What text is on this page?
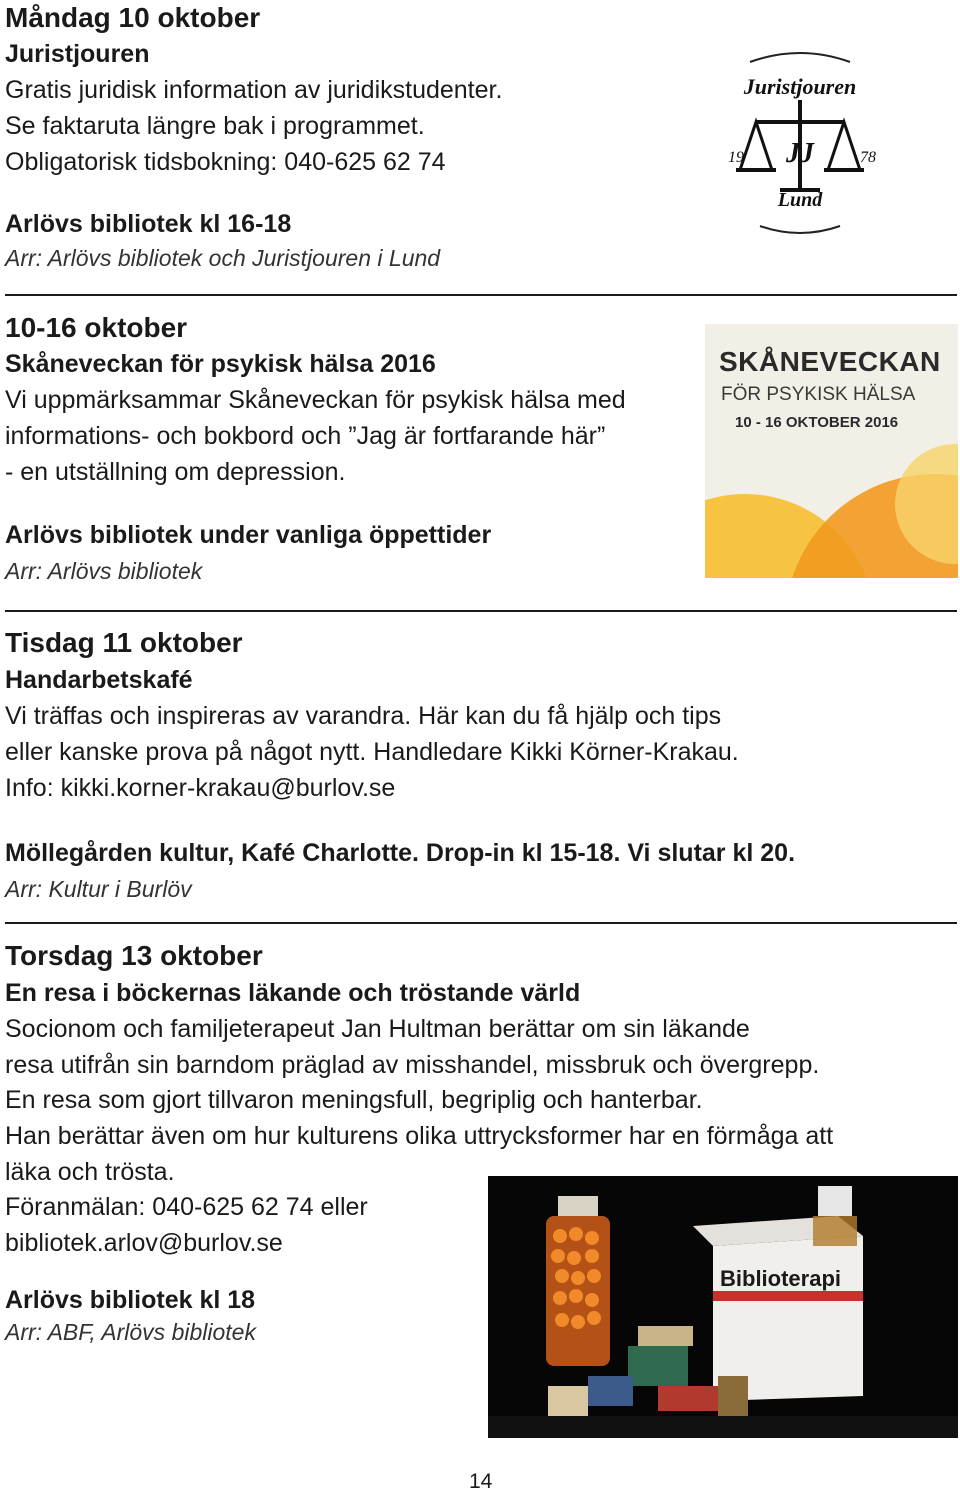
Måndag 10 oktober
Juristjouren
Gratis juridisk information av juridikstudenter.
Se faktaruta längre bak i programmet.
Obligatorisk tidsbokning: 040-625 62 74
Arlövs bibliotek kl 16-18
Arr: Arlövs bibliotek och Juristjouren i Lund
Juristjouren
19 JJ	78
Lund
10-16 oktober
Skåneveckan för psykisk hälsa 2016
Vi uppmärksammar Skåneveckan för psykisk hälsa med
informations- och bokbord och ”Jag är fortfarande här”
- en utställning om depression.
Arlövs bibliotek under vanliga öppettider
Arr: Arlövs bibliotek
SKÅNEVECKAN
FÖR PSYKISK HÄLSA
10 - 16 OKTOBER 2016
Tisdag 11 oktober
Handarbetskafé
Vi träffas och inspireras av varandra. Här kan du få hjälp och tips
eller kanske prova på något nytt. Handledare Kikki Körner-Krakau.
Info: kikki.korner-krakau@burlov.se
Möllegården kultur, Kafé Charlotte. Drop-in kl 15-18. Vi slutar kl 20.
Arr: Kultur i Burlöv
Torsdag 13 oktober
En resa i böckernas läkande och tröstande värld
Socionom och familjeterapeut Jan Hultman berättar om sin läkande
resa utifrån sin barndom präglad av misshandel, missbruk och övergrepp.
En resa som gjort tillvaron meningsfull, begriplig och hanterbar.
Han berättar även om hur kulturens olika uttrycksformer har en förmåga att
läka och trösta.
Föranmälan: 040-625 62 74 eller
bibliotek.arlov@burlov.se
Arlövs bibliotek kl 18
Arr: ABF, Arlövs bibliotek
Biblioterapi
14
